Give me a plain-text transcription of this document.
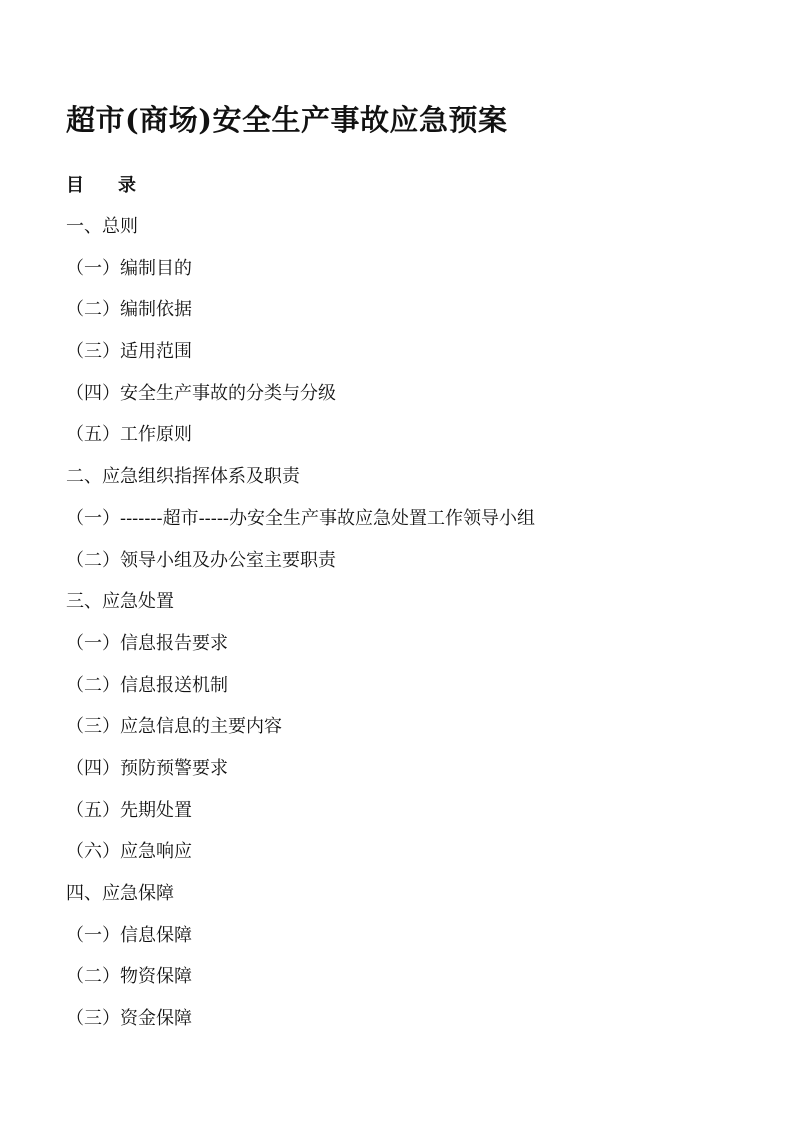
超市(商场)安全生产事故应急预案
目录
一、总则
（一）编制目的
（二）编制依据
（三）适用范围
（四）安全生产事故的分类与分级
（五）工作原则
二、应急组织指挥体系及职责
（一）-------超市-----办安全生产事故应急处置工作领导小组
（二）领导小组及办公室主要职责
三、应急处置
（一）信息报告要求
（二）信息报送机制
（三）应急信息的主要内容
（四）预防预警要求
（五）先期处置
（六）应急响应
四、应急保障
（一）信息保障
（二）物资保障
（三）资金保障
